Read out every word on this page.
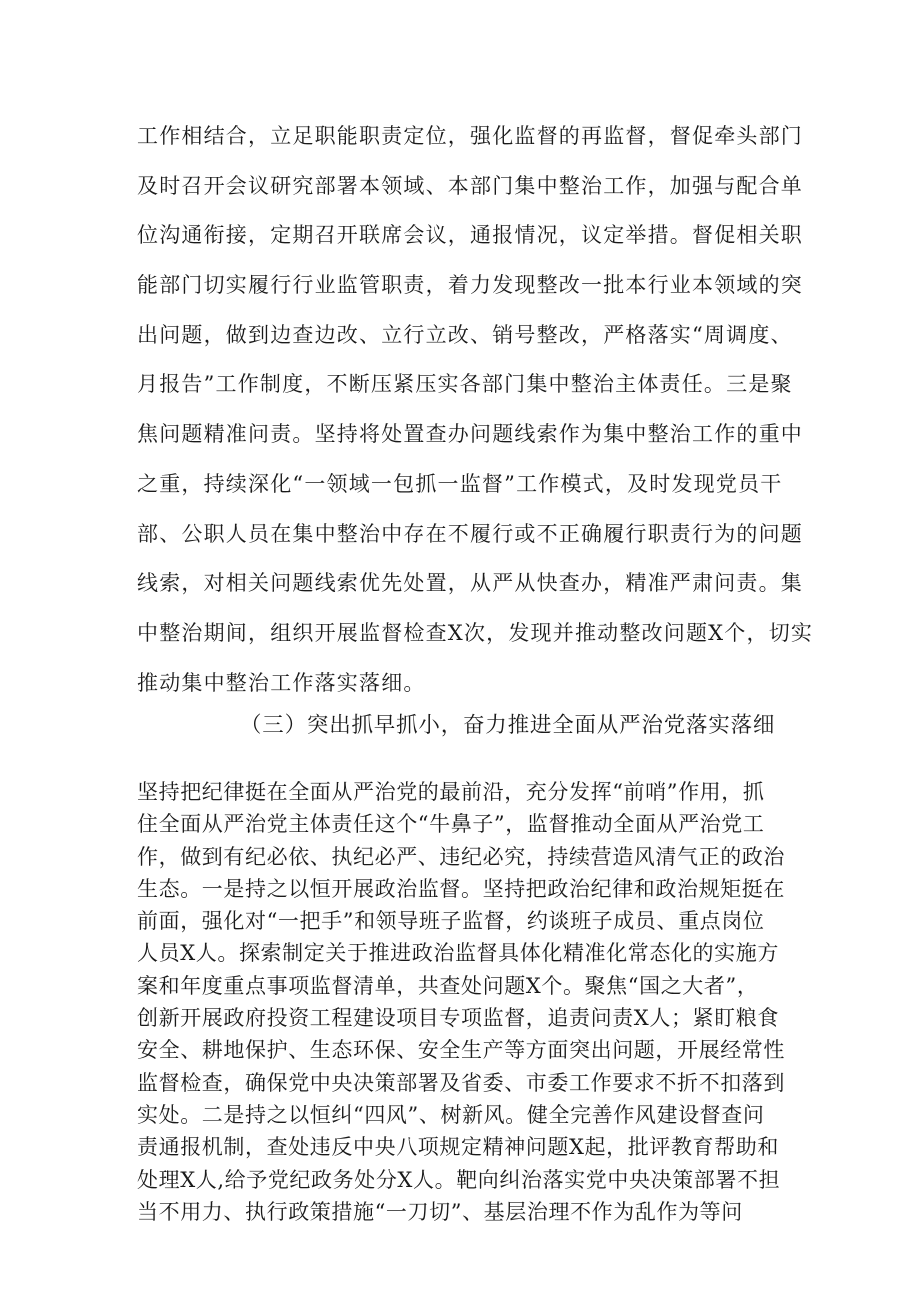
工作相结合，立足职能职责定位，强化监督的再监督，督促牵头部门
及时召开会议研究部署本领域、本部门集中整治工作，加强与配合单
位沟通衔接，定期召开联席会议，通报情况，议定举措。督促相关职
能部门切实履行行业监管职责，着力发现整改一批本行业本领域的突
出问题，做到边查边改、立行立改、销号整改，严格落实“周调度、
月报告”工作制度，不断压紧压实各部门集中整治主体责任。三是聚
焦问题精准问责。坚持将处置查办问题线索作为集中整治工作的重中
之重，持续深化“一领域一包抓一监督”工作模式，及时发现党员干
部、公职人员在集中整治中存在不履行或不正确履行职责行为的问题
线索，对相关问题线索优先处置，从严从快查办，精准严肃问责。集
中整治期间，组织开展监督检查X次，发现并推动整改问题X个，切实
推动集中整治工作落实落细。
（三）突出抓早抓小，奋力推进全面从严治党落实落细
坚持把纪律挺在全面从严治党的最前沿，充分发挥“前哨”作用，抓
住全面从严治党主体责任这个“牛鼻子”，监督推动全面从严治党工
作，做到有纪必依、执纪必严、违纪必究，持续营造风清气正的政治
生态。一是持之以恒开展政治监督。坚持把政治纪律和政治规矩挺在
前面，强化对“一把手”和领导班子监督，约谈班子成员、重点岗位
人员X人。探索制定关于推进政治监督具体化精准化常态化的实施方
案和年度重点事项监督清单，共查处问题X个。聚焦“国之大者”，
创新开展政府投资工程建设项目专项监督，追责问责X人；紧盯粮食
安全、耕地保护、生态环保、安全生产等方面突出问题，开展经常性
监督检查，确保党中央决策部署及省委、市委工作要求不折不扣落到
实处。二是持之以恒纠“四风”、树新风。健全完善作风建设督查问
责通报机制，查处违反中央八项规定精神问题X起，批评教育帮助和
处理X人,给予党纪政务处分X人。靶向纠治落实党中央决策部署不担
当不用力、执行政策措施“一刀切”、基层治理不作为乱作为等问
